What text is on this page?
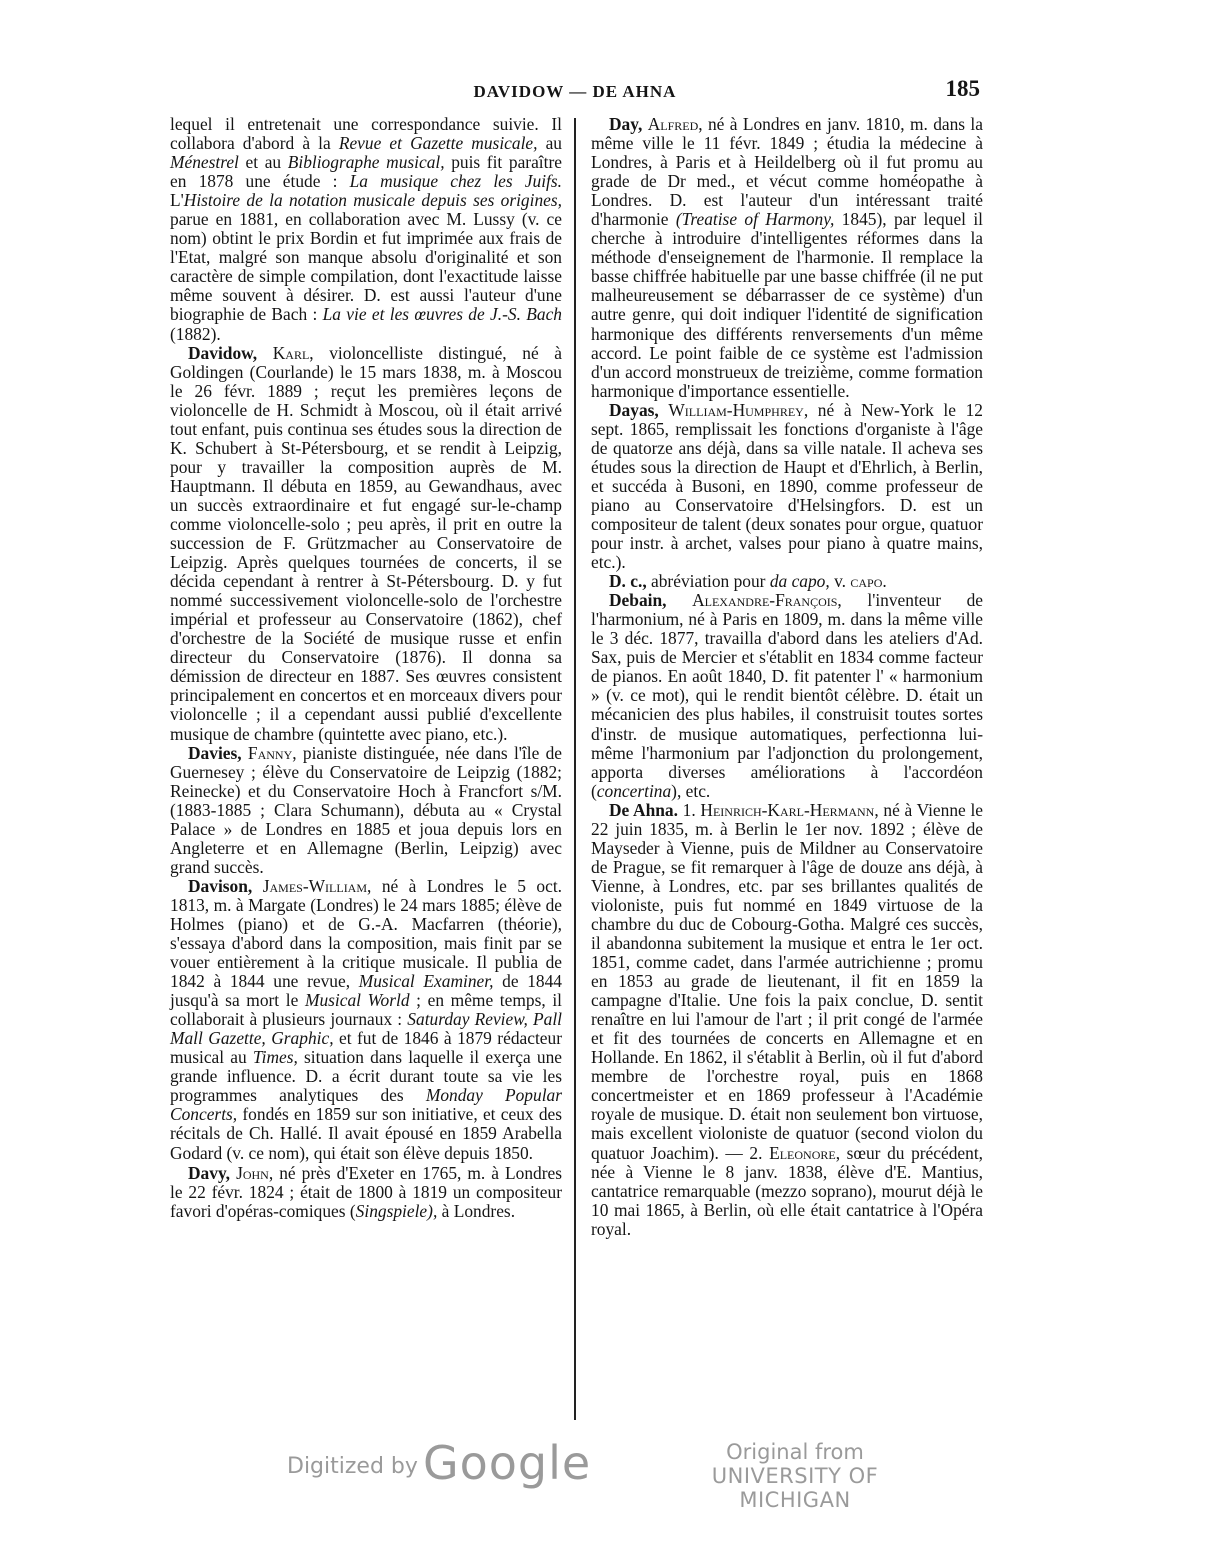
DAVIDOW — DE AHNA	185

lequel il entretenait une correspondance suivie. Il collabora d'abord à la Revue et Gazette musicale, au Ménestrel et au Bibliographe musical, puis fit paraître en 1878 une étude : La musique chez les Juifs. L'Histoire de la notation musicale depuis ses origines, parue en 1881, en collaboration avec M. Lussy (v. ce nom) obtint le prix Bordin et fut imprimée aux frais de l'Etat, malgré son manque absolu d'originalité et son caractère de simple compilation, dont l'exactitude laisse même souvent à désirer. D. est aussi l'auteur d'une biographie de Bach : La vie et les œuvres de J.-S. Bach (1882).

Davidow, Karl, violoncelliste distingué, né à Goldingen (Courlande) le 15 mars 1838, m. à Moscou le 26 févr. 1889 ; reçut les premières leçons de violoncelle de H. Schmidt à Moscou, où il était arrivé tout enfant, puis continua ses études sous la direction de K. Schubert à St-Pétersbourg, et se rendit à Leipzig, pour y travailler la composition auprès de M. Hauptmann. Il débuta en 1859, au Gewandhaus, avec un succès extraordinaire et fut engagé sur-le-champ comme violoncelle-solo ; peu après, il prit en outre la succession de F. Grützmacher au Conservatoire de Leipzig. Après quelques tournées de concerts, il se décida cependant à rentrer à St-Pétersbourg. D. y fut nommé successivement violoncelle-solo de l'orchestre impérial et professeur au Conservatoire (1862), chef d'orchestre de la Société de musique russe et enfin directeur du Conservatoire (1876). Il donna sa démission de directeur en 1887. Ses œuvres consistent principalement en concertos et en morceaux divers pour violoncelle ; il a cependant aussi publié d'excellente musique de chambre (quintette avec piano, etc.).

Davies, Fanny, pianiste distinguée, née dans l'île de Guernesey ; élève du Conservatoire de Leipzig (1882; Reinecke) et du Conservatoire Hoch à Francfort s/M. (1883-1885 ; Clara Schumann), débuta au « Crystal Palace » de Londres en 1885 et joua depuis lors en Angleterre et en Allemagne (Berlin, Leipzig) avec grand succès.

Davison, James-William, né à Londres le 5 oct. 1813, m. à Margate (Londres) le 24 mars 1885; élève de Holmes (piano) et de G.-A. Macfarren (théorie), s'essaya d'abord dans la composition, mais finit par se vouer entièrement à la critique musicale. Il publia de 1842 à 1844 une revue, Musical Examiner, de 1844 jusqu'à sa mort le Musical World ; en même temps, il collaborait à plusieurs journaux : Saturday Review, Pall Mall Gazette, Graphic, et fut de 1846 à 1879 rédacteur musical au Times, situation dans laquelle il exerça une grande influence. D. a écrit durant toute sa vie les programmes analytiques des Monday Popular Concerts, fondés en 1859 sur son initiative, et ceux des récitals de Ch. Hallé. Il avait épousé en 1859 Arabella Godard (v. ce nom), qui était son élève depuis 1850.

Davy, John, né près d'Exeter en 1765, m. à Londres le 22 févr. 1824 ; était de 1800 à 1819 un compositeur favori d'opéras-comiques (Singspiele), à Londres.

Day, Alfred, né à Londres en janv. 1810, m. dans la même ville le 11 févr. 1849 ; étudia la médecine à Londres, à Paris et à Heildelberg où il fut promu au grade de Dr med., et vécut comme homéopathe à Londres. D. est l'auteur d'un intéressant traité d'harmonie (Treatise of Harmony, 1845), par lequel il cherche à introduire d'intelligentes réformes dans la méthode d'enseignement de l'harmonie. Il remplace la basse chiffrée habituelle par une basse chiffrée (il ne put malheureusement se débarrasser de ce système) d'un autre genre, qui doit indiquer l'identité de signification harmonique des différents renversements d'un même accord. Le point faible de ce système est l'admission d'un accord monstrueux de treizième, comme formation harmonique d'importance essentielle.

Dayas, William-Humphrey, né à New-York le 12 sept. 1865, remplissait les fonctions d'organiste à l'âge de quatorze ans déjà, dans sa ville natale. Il acheva ses études sous la direction de Haupt et d'Ehrlich, à Berlin, et succéda à Busoni, en 1890, comme professeur de piano au Conservatoire d'Helsingfors. D. est un compositeur de talent (deux sonates pour orgue, quatuor pour instr. à archet, valses pour piano à quatre mains, etc.).

D. c., abréviation pour da capo, v. capo.

Debain, Alexandre-François, l'inventeur de l'harmonium, né à Paris en 1809, m. dans la même ville le 3 déc. 1877, travailla d'abord dans les ateliers d'Ad. Sax, puis de Mercier et s'établit en 1834 comme facteur de pianos. En août 1840, D. fit patenter l' « harmonium » (v. ce mot), qui le rendit bientôt célèbre. D. était un mécanicien des plus habiles, il construisit toutes sortes d'instr. de musique automatiques, perfectionna lui-même l'harmonium par l'adjonction du prolongement, apporta diverses améliorations à l'accordéon (concertina), etc.

De Ahna. 1. Heinrich-Karl-Hermann, né à Vienne le 22 juin 1835, m. à Berlin le 1er nov. 1892 ; élève de Mayseder à Vienne, puis de Mildner au Conservatoire de Prague, se fit remarquer à l'âge de douze ans déjà, à Vienne, à Londres, etc. par ses brillantes qualités de violoniste, puis fut nommé en 1849 virtuose de la chambre du duc de Cobourg-Gotha. Malgré ces succès, il abandonna subitement la musique et entra le 1er oct. 1851, comme cadet, dans l'armée autrichienne ; promu en 1853 au grade de lieutenant, il fit en 1859 la campagne d'Italie. Une fois la paix conclue, D. sentit renaître en lui l'amour de l'art ; il prit congé de l'armée et fit des tournées de concerts en Allemagne et en Hollande. En 1862, il s'établit à Berlin, où il fut d'abord membre de l'orchestre royal, puis en 1868 concertmeister et en 1869 professeur à l'Académie royale de musique. D. était non seulement bon virtuose, mais excellent violoniste de quatuor (second violon du quatuor Joachim). — 2. Eleonore, sœur du précédent, née à Vienne le 8 janv. 1838, élève d'E. Mantius, cantatrice remarquable (mezzo soprano), mourut déjà le 10 mai 1865, à Berlin, où elle était cantatrice à l'Opéra royal.

Digitized by Google	Original from
UNIVERSITY OF MICHIGAN
